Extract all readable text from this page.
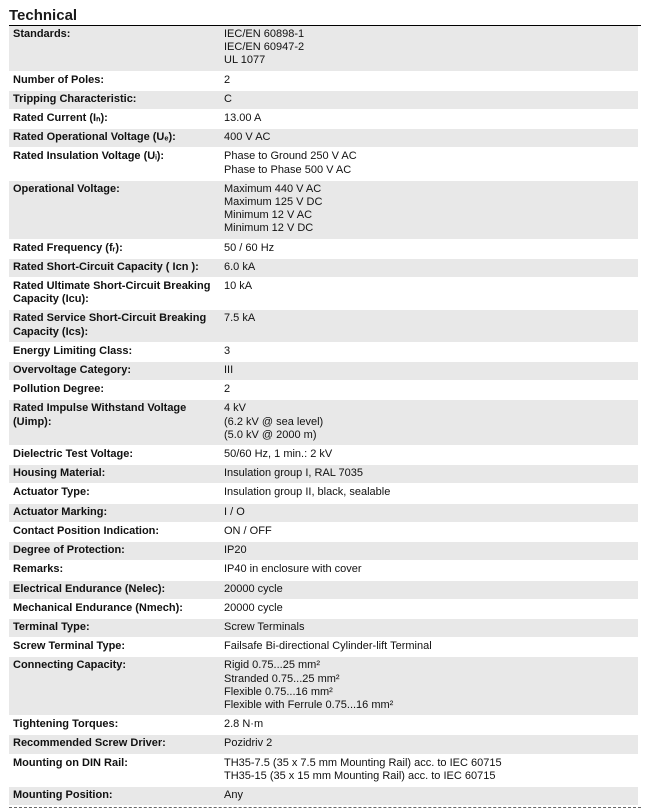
Technical
Standards:	IEC/EN 60898-1
IEC/EN 60947-2
UL 1077

Number of Poles:	2

Tripping Characteristic:	C

Rated Current (Iₙ):	13.00 A

Rated Operational Voltage (Uₑ):	400 V AC

Rated Insulation Voltage (Uᵢ):	Phase to Ground 250 V AC
Phase to Phase 500 V AC

Operational Voltage:	Maximum 440 V AC
Maximum 125 V DC
Minimum 12 V AC
Minimum 12 V DC

Rated Frequency (fᵣ):	50 / 60 Hz

Rated Short-Circuit Capacity ( Icn ):	6.0 kA

Rated Ultimate Short-Circuit Breaking Capacity (Icu):	10 kA

Rated Service Short-Circuit Breaking Capacity (Ics):	7.5 kA

Energy Limiting Class:	3

Overvoltage Category:	III

Pollution Degree:	2

Rated Impulse Withstand Voltage (Uimp):	4 kV
(6.2 kV @ sea level)
(5.0 kV @ 2000 m)

Dielectric Test Voltage:	50/60 Hz, 1 min.: 2 kV

Housing Material:	Insulation group I, RAL 7035

Actuator Type:	Insulation group II, black, sealable

Actuator Marking:	I / O

Contact Position Indication:	ON / OFF

Degree of Protection:	IP20

Remarks:	IP40 in enclosure with cover

Electrical Endurance (Nelec):	20000 cycle

Mechanical Endurance (Nmech):	20000 cycle

Terminal Type:	Screw Terminals

Screw Terminal Type:	Failsafe Bi-directional Cylinder-lift Terminal

Connecting Capacity:	Rigid 0.75...25 mm²
Stranded 0.75...25 mm²
Flexible 0.75...16 mm²
Flexible with Ferrule 0.75...16 mm²

Tightening Torques:	2.8 N·m

Recommended Screw Driver:	Pozidriv 2

Mounting on DIN Rail:	TH35-7.5 (35 x 7.5 mm Mounting Rail) acc. to IEC 60715
TH35-15 (35 x 15 mm Mounting Rail) acc. to IEC 60715

Mounting Position:	Any
